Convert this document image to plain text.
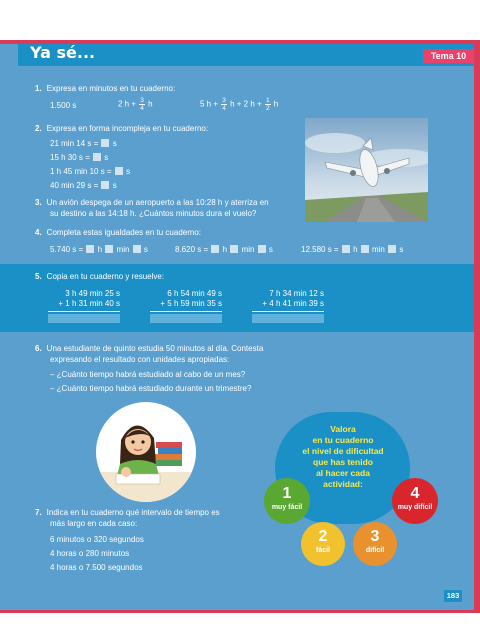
Ya sé...	Tema 10
1. Expresa en minutos en tu cuaderno:
1.500 s	2 $h + \frac{3}{4}$ h	5 $h + \frac{3}{4}$ h + 2 $h + \frac{1}{2}$ h
2. Expresa en forma incompleja en tu cuaderno:
21 min 14 s = s
15 h 30 s = s
1 h 45 min 10 s = s
40 min 29 s = s
3. Un avión despega de un aeropuerto a las 10:28 h y aterriza en
su destino a las 14:18 h. ¿Cuántos minutos dura el vuelo?
4. Completa estas igualdades en tu cuaderno:
5.740 s = h min s	8.620 s = h min s	12.580 s = h min s
5. Copia en tu cuaderno y resuelve:
3 h 49 min 25 s
+ 1 h 31 min 40 s
6 h 54 min 49 s
+ 5 h 59 min 35 s
7 h 34 min 12 s
+ 4 h 41 min 39 s
6. Una estudiante de quinto estudia 50 minutos al día. Contesta
expresando el resultado con unidades apropiadas:
– ¿Cuánto tiempo habrá estudiado al cabo de un mes?
– ¿Cuánto tiempo habrá estudiado durante un trimestre?
Valora
en tu cuaderno
el nivel de dificultad
que has tenido
al hacer cada
actividad:
1
muy fácil
2
fácil
3
difícil
4
muy difícil
7. Indica en tu cuaderno qué intervalo de tiempo es
más largo en cada caso:
6 minutos o 320 segundos
4 horas o 280 minutos
4 horas o 7.500 segundos
183
